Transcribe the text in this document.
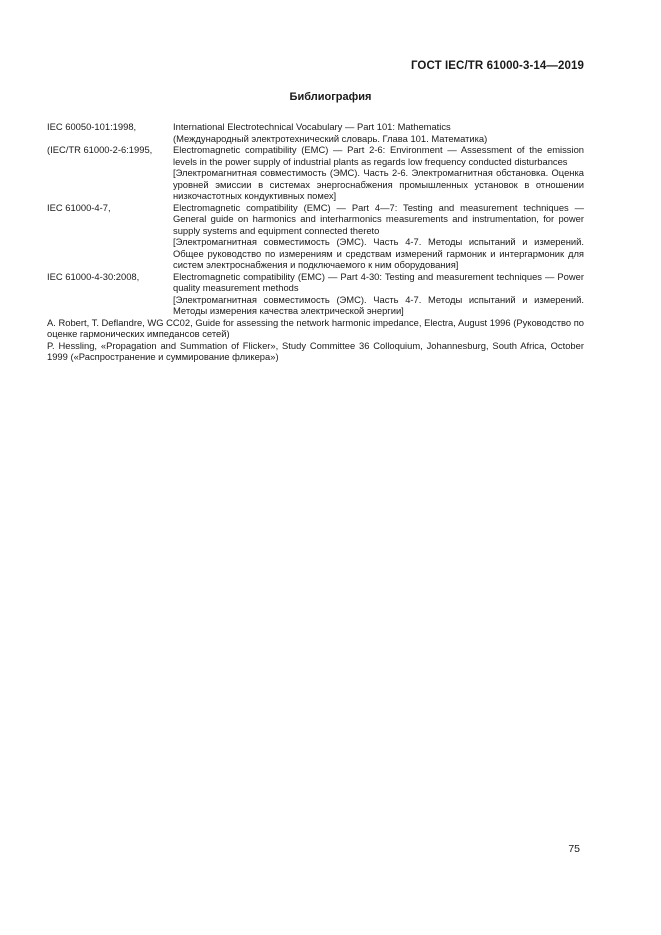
ГОСТ IEC/TR 61000-3-14—2019
Библиография
IEC 60050-101:1998,	International Electrotechnical Vocabulary — Part 101: Mathematics

(Международный электротехнический словарь. Глава 101. Математика)

(IEC/TR 61000-2-6:1995,	Electromagnetic compatibility (EMC) — Part 2-6: Environment — Assessment of the emission levels in the power supply of industrial plants as regards low frequency conducted disturbances

[Электромагнитная совместимость (ЭМС). Часть 2-6. Электромагнитная обстановка. Оценка уровней эмиссии в системах энергоснабжения промышленных установок в отношении низкочастотных кондуктивных помех]

IEC 61000-4-7,	Electromagnetic compatibility (EMC) — Part 4—7: Testing and measurement techniques — General guide on harmonics and interharmonics measurements and instrumentation, for power supply systems and equipment connected thereto

[Электромагнитная совместимость (ЭМС). Часть 4-7. Методы испытаний и измерений. Общее руководство по измерениям и средствам измерений гармоник и интергармоник для систем электроснабжения и подключаемого к ним оборудования]

IEC 61000-4-30:2008,	Electromagnetic compatibility (EMC) — Part 4-30: Testing and measurement techniques — Power quality measurement methods

[Электромагнитная совместимость (ЭМС). Часть 4-7. Методы испытаний и измерений. Методы измерения качества электрической энергии]

A. Robert, T. Deflandre, WG CC02, Guide for assessing the network harmonic impedance, Electra, August 1996 (Руководство по оценке гармонических импедансов сетей)

P. Hessling, «Propagation and Summation of Flicker», Study Committee 36 Colloquium, Johannesburg, South Africa, October 1999 («Распространение и суммирование фликера»)

75
